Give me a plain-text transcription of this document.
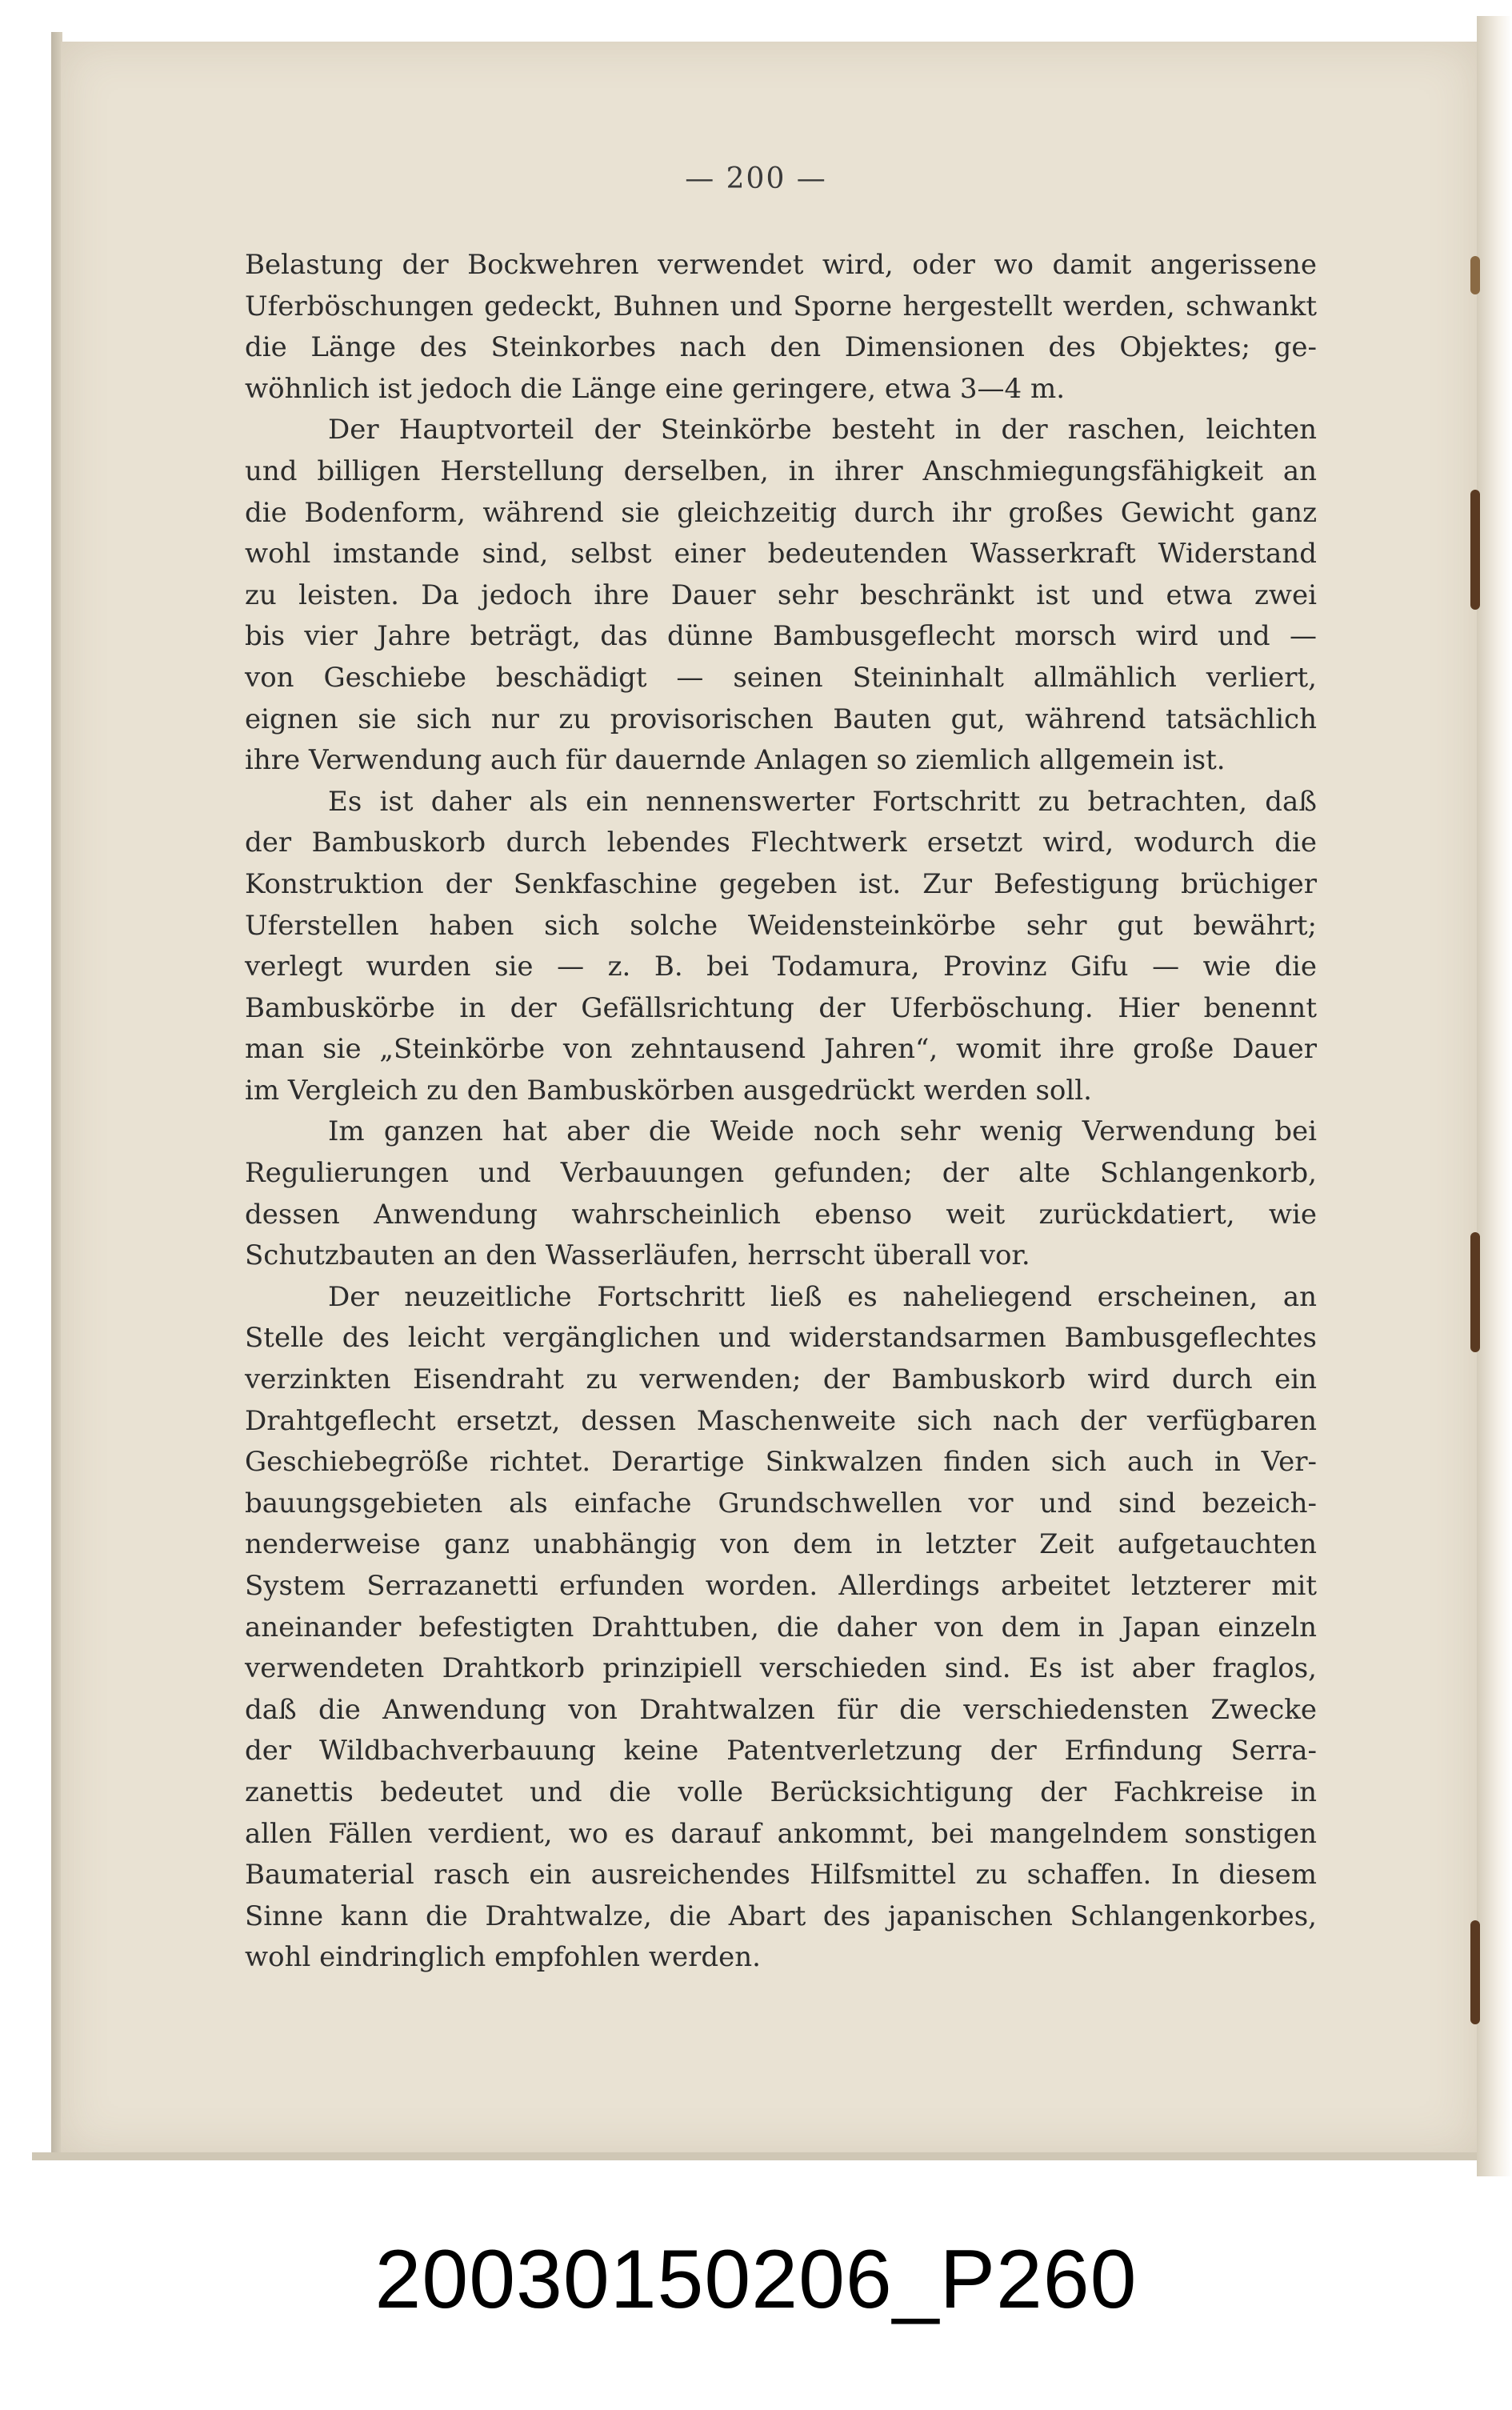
— 200 —

Belastung der Bockwehren verwendet wird, oder wo damit angerissene

Uferböschungen gedeckt, Buhnen und Sporne hergestellt werden, schwankt

die Länge des Steinkorbes nach den Dimensionen des Objektes; ge-

wöhnlich ist jedoch die Länge eine geringere, etwa 3—4 m.

Der Hauptvorteil der Steinkörbe besteht in der raschen, leichten

und billigen Herstellung derselben, in ihrer Anschmiegungsfähigkeit an

die Bodenform, während sie gleichzeitig durch ihr großes Gewicht ganz

wohl imstande sind, selbst einer bedeutenden Wasserkraft Widerstand

zu leisten. Da jedoch ihre Dauer sehr beschränkt ist und etwa zwei

bis vier Jahre beträgt, das dünne Bambusgeflecht morsch wird und —

von Geschiebe beschädigt — seinen Steininhalt allmählich verliert,

eignen sie sich nur zu provisorischen Bauten gut, während tatsächlich

ihre Verwendung auch für dauernde Anlagen so ziemlich allgemein ist.

Es ist daher als ein nennenswerter Fortschritt zu betrachten, daß

der Bambuskorb durch lebendes Flechtwerk ersetzt wird, wodurch die

Konstruktion der Senkfaschine gegeben ist. Zur Befestigung brüchiger

Uferstellen haben sich solche Weidensteinkörbe sehr gut bewährt;

verlegt wurden sie — z. B. bei Todamura, Provinz Gifu — wie die

Bambuskörbe in der Gefällsrichtung der Uferböschung. Hier benennt

man sie „Steinkörbe von zehntausend Jahren“, womit ihre große Dauer

im Vergleich zu den Bambuskörben ausgedrückt werden soll.

Im ganzen hat aber die Weide noch sehr wenig Verwendung bei

Regulierungen und Verbauungen gefunden; der alte Schlangenkorb,

dessen Anwendung wahrscheinlich ebenso weit zurückdatiert, wie

Schutzbauten an den Wasserläufen, herrscht überall vor.

Der neuzeitliche Fortschritt ließ es naheliegend erscheinen, an

Stelle des leicht vergänglichen und widerstandsarmen Bambusgeflechtes

verzinkten Eisendraht zu verwenden; der Bambuskorb wird durch ein

Drahtgeflecht ersetzt, dessen Maschenweite sich nach der verfügbaren

Geschiebegröße richtet. Derartige Sinkwalzen finden sich auch in Ver-

bauungsgebieten als einfache Grundschwellen vor und sind bezeich-

nenderweise ganz unabhängig von dem in letzter Zeit aufgetauchten

System Serrazanetti erfunden worden. Allerdings arbeitet letzterer mit

aneinander befestigten Drahttuben, die daher von dem in Japan einzeln

verwendeten Drahtkorb prinzipiell verschieden sind. Es ist aber fraglos,

daß die Anwendung von Drahtwalzen für die verschiedensten Zwecke

der Wildbachverbauung keine Patentverletzung der Erfindung Serra-

zanettis bedeutet und die volle Berücksichtigung der Fachkreise in

allen Fällen verdient, wo es darauf ankommt, bei mangelndem sonstigen

Baumaterial rasch ein ausreichendes Hilfsmittel zu schaffen. In diesem

Sinne kann die Drahtwalze, die Abart des japanischen Schlangenkorbes,

wohl eindringlich empfohlen werden.

20030150206_P260
